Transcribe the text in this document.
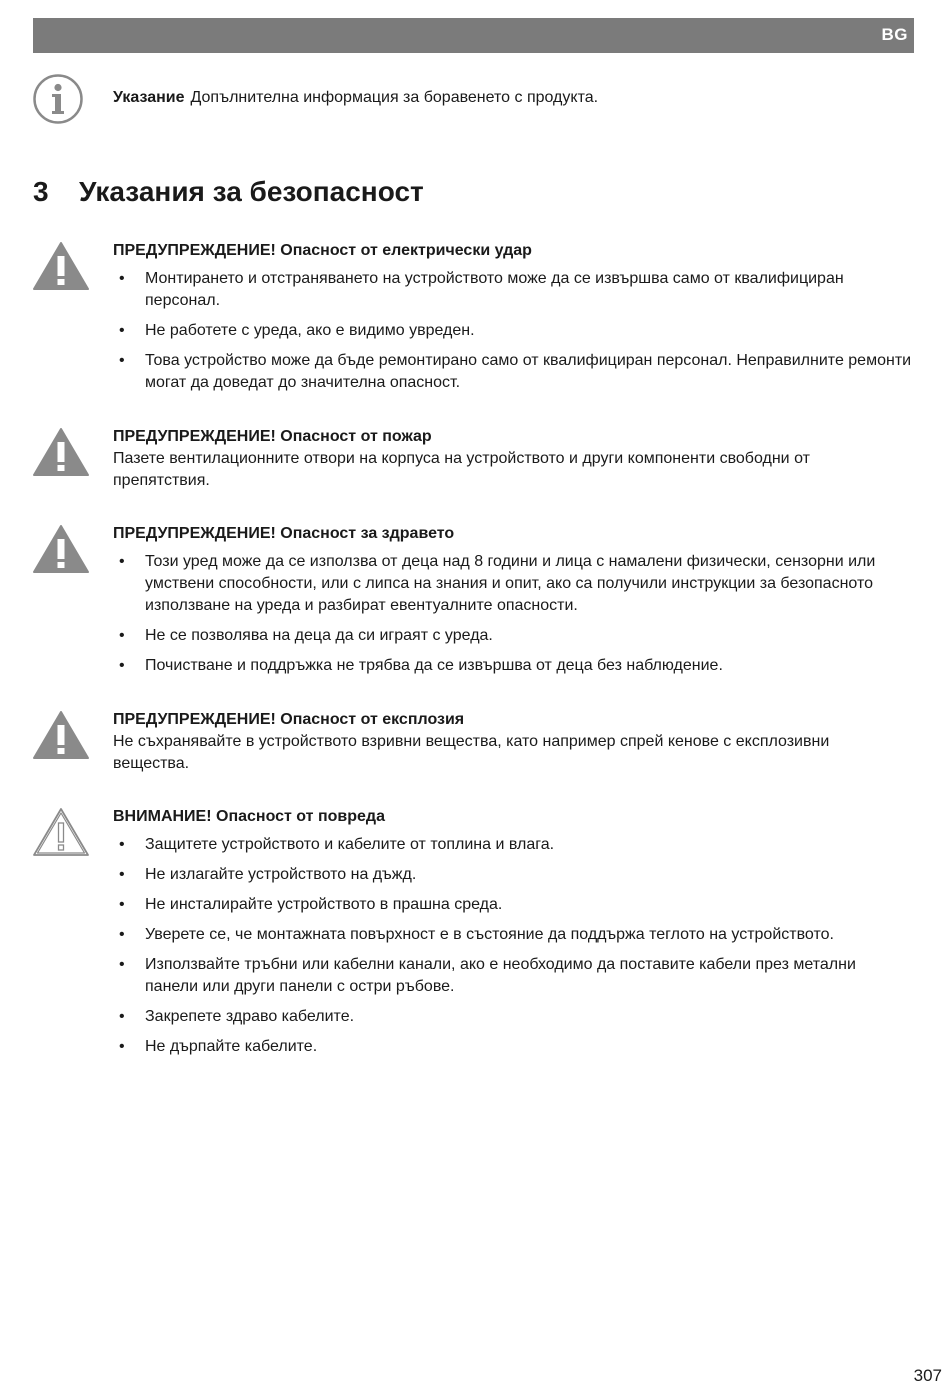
BG
Указание Допълнителна информация за боравенето с продукта.
3 Указания за безопасност
ПРЕДУПРЕЖДЕНИЕ! Опасност от електрически удар
• Монтирането и отстраняването на устройството може да се извършва само от квалифициран персонал.
• Не работете с уреда, ако е видимо увреден.
• Това устройство може да бъде ремонтирано само от квалифициран персонал. Неправилните ремонти могат да доведат до значителна опасност.
ПРЕДУПРЕЖДЕНИЕ! Опасност от пожар

Пазете вентилационните отвори на корпуса на устройството и други компоненти свободни от препятствия.

ПРЕДУПРЕЖДЕНИЕ! Опасност за здравето
• Този уред може да се използва от деца над 8 години и лица с намалени физически, сензорни или умствени способности, или с липса на знания и опит, ако са получили инструкции за безопасното използване на уреда и разбират евентуалните опасности.
• Не се позволява на деца да си играят с уреда.
• Почистване и поддръжка не трябва да се извършва от деца без наблюдение.
ПРЕДУПРЕЖДЕНИЕ! Опасност от експлозия

Не съхранявайте в устройството взривни вещества, като например спрей кенове с експлозивни вещества.

ВНИМАНИЕ! Опасност от повреда
• Защитете устройството и кабелите от топлина и влага.
• Не излагайте устройството на дъжд.
• Не инсталирайте устройството в прашна среда.
• Уверете се, че монтажната повърхност е в състояние да поддържа теглото на устройството.
• Използвайте тръбни или кабелни канали, ако е необходимо да поставите кабели през метални панели или други панели с остри ръбове.
• Закрепете здраво кабелите.
• Не дърпайте кабелите.
307
